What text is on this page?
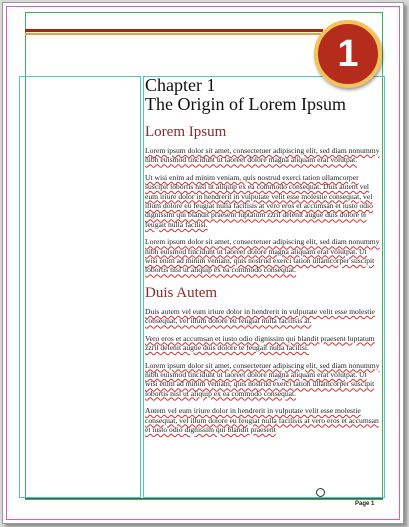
1
Chapter 1
The Origin of Lorem Ipsum
Lorem Ipsum

Lorem ipsum dolor sit amet, consectetuer adipiscing elit, sed diam nonummy nibh euismod tincidunt ut laoreet dolore magna aliquam erat volutpat.

Ut wisi enim ad minim veniam, quis nostrud exerci tation ullamcorper suscipit lobortis nisl ut aliquip ex ea commodo consequat. Duis autem vel eum iriure dolor in hendrerit in vulputate velit esse molestie consequat, vel illum dolore eu feugiat nulla facilisis at vero eros et accumsan et iusto odio dignissim qui blandit praesent luptatum zzril delenit augue duis dolore te feugait nulla facilisi.

Lorem ipsum dolor sit amet, consectetuer adipiscing elit, sed diam nonummy nibh euismod tincidunt ut laoreet dolore magna aliquam erat volutpat. Ut wisi enim ad minim veniam, quis nostrud exerci tation ullamcorper suscipit lobortis nisl ut aliquip ex ea commodo consequat.

Duis Autem

Duis autem vel eum iriure dolor in hendrerit in vulputate velit esse molestie consequat, vel illum dolore eu feugiat nulla facilisis at.

Vero eros et accumsan et iusto odio dignissim qui blandit praesent luptatum zzril delenit augue duis dolore te feugait nulla facilisi.

Lorem ipsum dolor sit amet, consectetuer adipiscing elit, sed diam nonummy nibh euismod tincidunt ut laoreet dolore magna aliquam erat volutpat. Ut wisi enim ad minim veniam, quis nostrud exerci tation ullamcorper suscipit lobortis nisl ut aliquip ex ea commodo consequat.

Autem vel eum iriure dolor in hendrerit in vulputate velit esse molestie consequat, vel illum dolore eu feugiat nulla facilisis at vero eros et accumsan et iusto odio dignissim qui blandit praesent

Page 1
